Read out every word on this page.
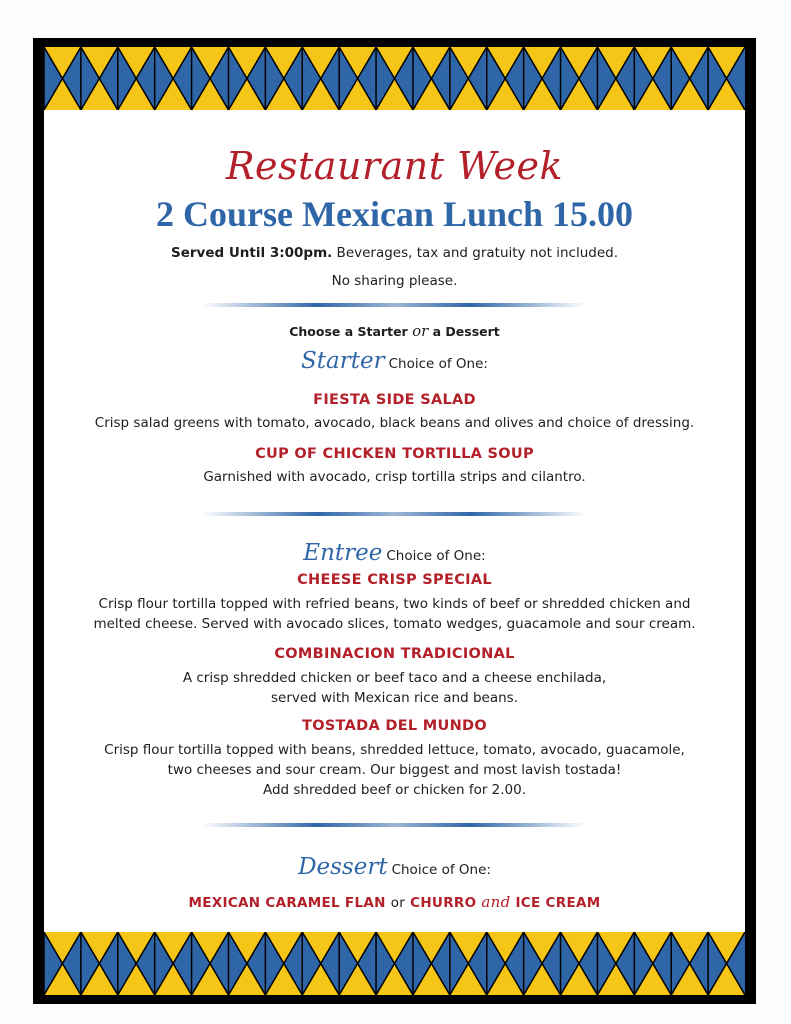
Restaurant Week
2 Course Mexican Lunch 15.00
Served Until 3:00pm. Beverages, tax and gratuity not included.
No sharing please.
Choose a Starter or a Dessert
Starter Choice of One:
FIESTA SIDE SALAD
Crisp salad greens with tomato, avocado, black beans and olives and choice of dressing.
CUP OF CHICKEN TORTILLA SOUP
Garnished with avocado, crisp tortilla strips and cilantro.
Entree Choice of One:
CHEESE CRISP SPECIAL
Crisp flour tortilla topped with refried beans, two kinds of beef or shredded chicken and
melted cheese. Served with avocado slices, tomato wedges, guacamole and sour cream.
COMBINACION TRADICIONAL
A crisp shredded chicken or beef taco and a cheese enchilada,
served with Mexican rice and beans.
TOSTADA DEL MUNDO
Crisp flour tortilla topped with beans, shredded lettuce, tomato, avocado, guacamole,
two cheeses and sour cream. Our biggest and most lavish tostada!
Add shredded beef or chicken for 2.00.
Dessert Choice of One:
MEXICAN CARAMEL FLAN or CHURRO and ICE CREAM
